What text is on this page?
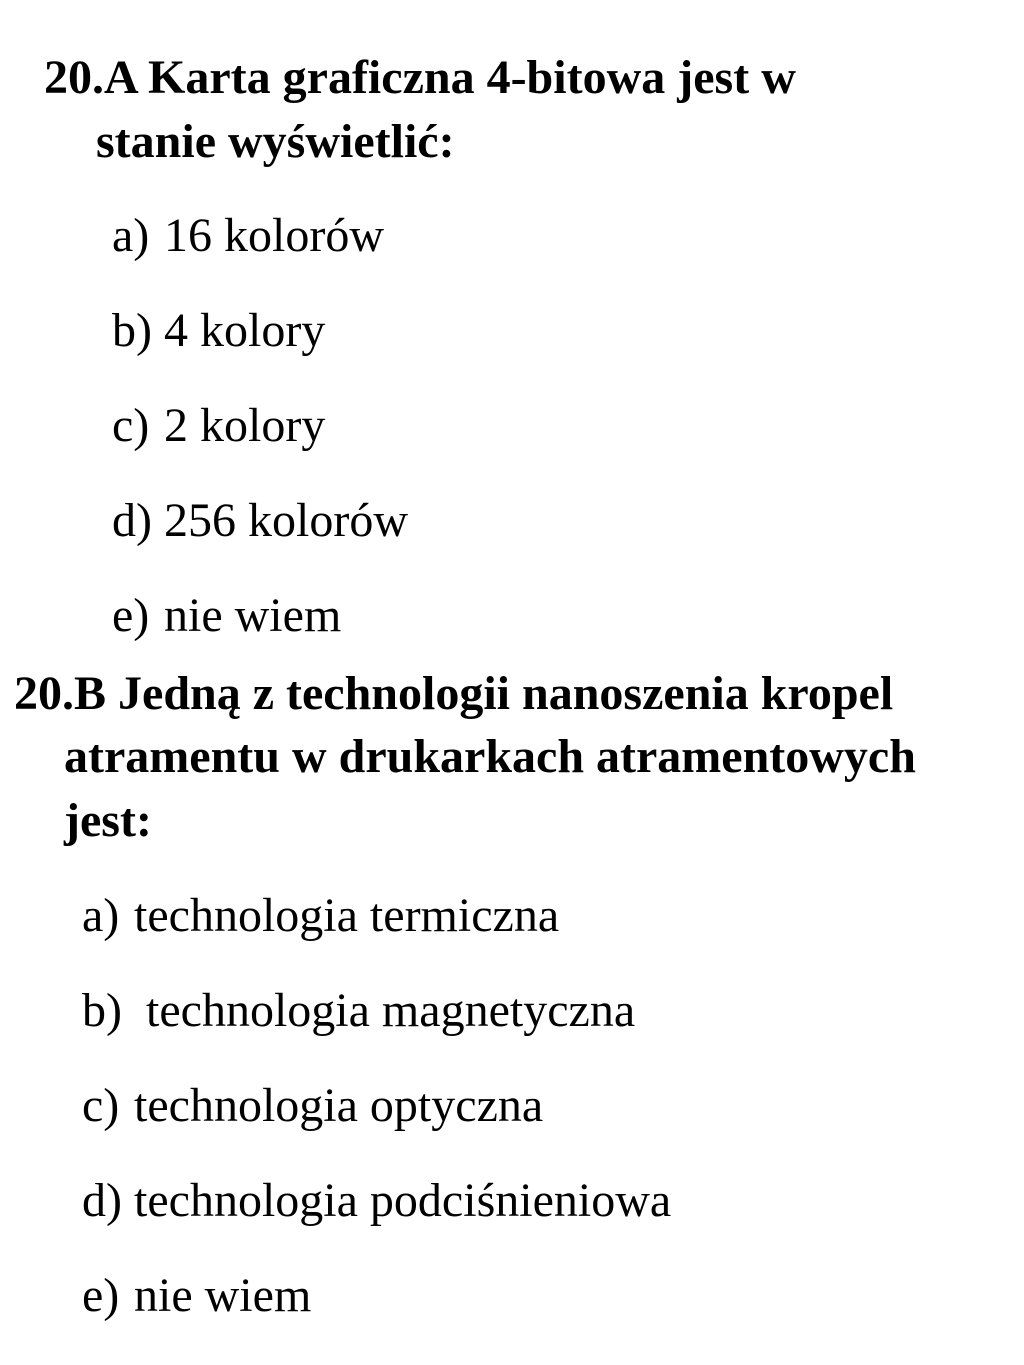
20.A Karta graficzna 4-bitowa jest w
stanie wyświetlić:
a) 16 kolorów
b) 4 kolory
c) 2 kolory
d) 256 kolorów
e) nie wiem
20.B Jedną z technologii nanoszenia kropel
atramentu w drukarkach atramentowych
jest:
a) technologia termiczna
b) technologia magnetyczna
c) technologia optyczna
d) technologia podciśnieniowa
e) nie wiem
